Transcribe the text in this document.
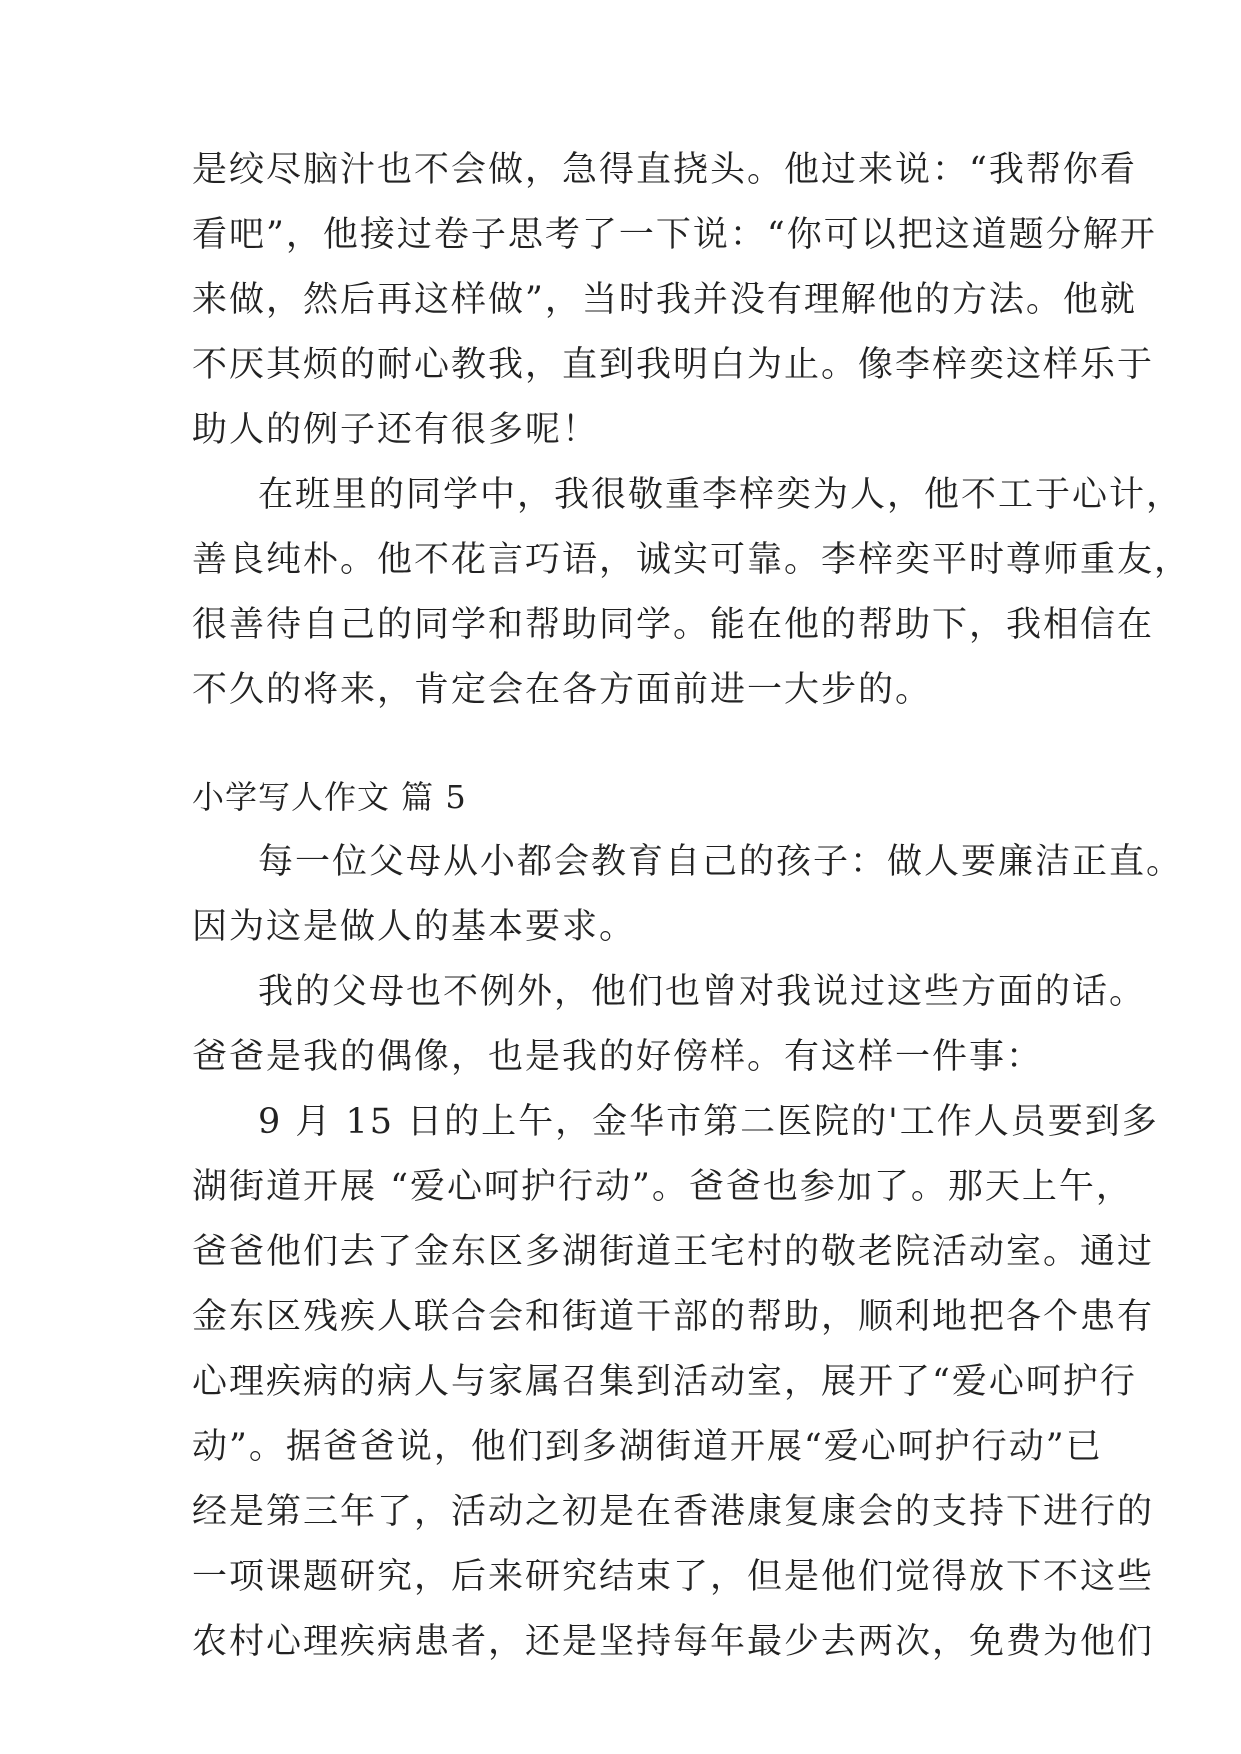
是绞尽脑汁也不会做，急得直挠头。他过来说：“我帮你看
看吧”，他接过卷子思考了一下说：“你可以把这道题分解开
来做，然后再这样做”，当时我并没有理解他的方法。他就
不厌其烦的耐心教我，直到我明白为止。像李梓奕这样乐于
助人的例子还有很多呢！
在班里的同学中，我很敬重李梓奕为人，他不工于心计，
善良纯朴。他不花言巧语，诚实可靠。李梓奕平时尊师重友，
很善待自己的同学和帮助同学。能在他的帮助下，我相信在
不久的将来，肯定会在各方面前进一大步的。
小学写人作文 篇 5
每一位父母从小都会教育自己的孩子：做人要廉洁正直。
因为这是做人的基本要求。
我的父母也不例外，他们也曾对我说过这些方面的话。
爸爸是我的偶像，也是我的好傍样。有这样一件事：
9 月 15 日的上午，金华市第二医院的'工作人员要到多
湖街道开展 “爱心呵护行动”。爸爸也参加了。那天上午，
爸爸他们去了金东区多湖街道王宅村的敬老院活动室。通过
金东区残疾人联合会和街道干部的帮助，顺利地把各个患有
心理疾病的病人与家属召集到活动室，展开了“爱心呵护行
动”。据爸爸说，他们到多湖街道开展“爱心呵护行动”已
经是第三年了，活动之初是在香港康复康会的支持下进行的
一项课题研究，后来研究结束了，但是他们觉得放下不这些
农村心理疾病患者，还是坚持每年最少去两次，免费为他们
